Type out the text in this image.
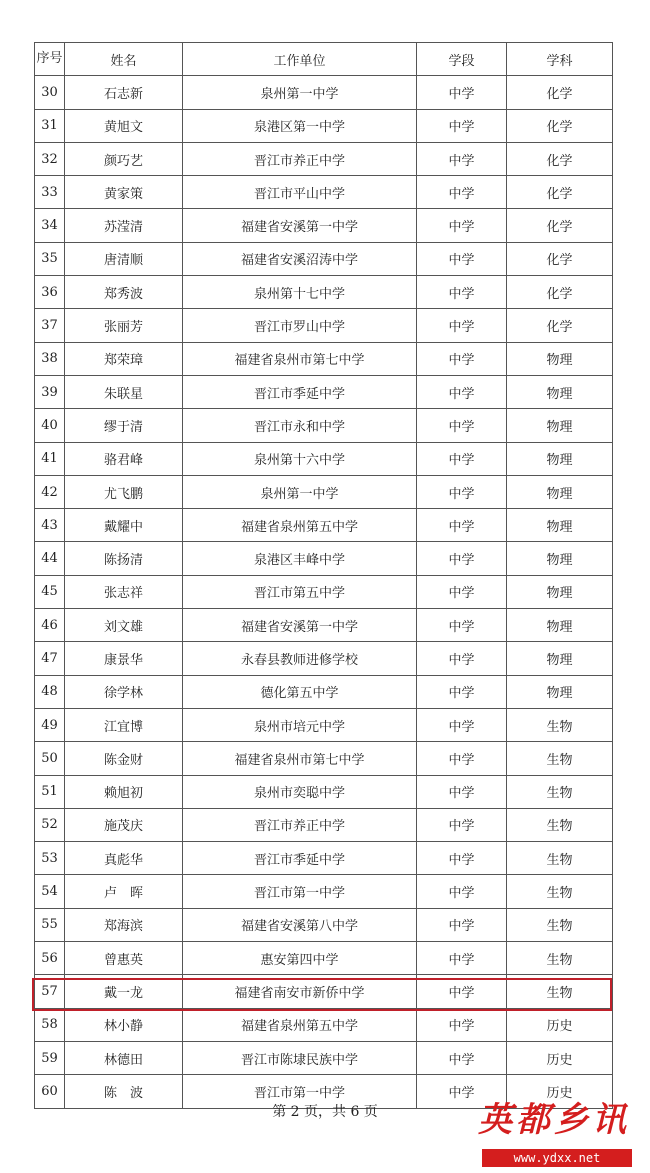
序号	姓名	工作单位	学段	学科
30	石志新	泉州第一中学	中学	化学
31	黄旭文	泉港区第一中学	中学	化学
32	颜巧艺	晋江市养正中学	中学	化学
33	黄家策	晋江市平山中学	中学	化学
34	苏滢清	福建省安溪第一中学	中学	化学
35	唐清顺	福建省安溪沼涛中学	中学	化学
36	郑秀波	泉州第十七中学	中学	化学
37	张丽芳	晋江市罗山中学	中学	化学
38	郑荣璋	福建省泉州市第七中学	中学	物理
39	朱联星	晋江市季延中学	中学	物理
40	缪于清	晋江市永和中学	中学	物理
41	骆君峰	泉州第十六中学	中学	物理
42	尤飞鹏	泉州第一中学	中学	物理
43	戴耀中	福建省泉州第五中学	中学	物理
44	陈扬清	泉港区丰峰中学	中学	物理
45	张志祥	晋江市第五中学	中学	物理
46	刘文雄	福建省安溪第一中学	中学	物理
47	康景华	永春县教师进修学校	中学	物理
48	徐学林	德化第五中学	中学	物理
49	江宜博	泉州市培元中学	中学	生物
50	陈金财	福建省泉州市第七中学	中学	生物
51	赖旭初	泉州市奕聪中学	中学	生物
52	施茂庆	晋江市养正中学	中学	生物
53	真彪华	晋江市季延中学	中学	生物
54	卢　晖	晋江市第一中学	中学	生物
55	郑海滨	福建省安溪第八中学	中学	生物
56	曾惠英	惠安第四中学	中学	生物
57	戴一龙	福建省南安市新侨中学	中学	生物
58	林小静	福建省泉州第五中学	中学	历史
59	林德田	晋江市陈埭民族中学	中学	历史
60	陈　波	晋江市第一中学	中学	历史
第 2 页，共 6 页	英都乡讯
www.ydxx.net
